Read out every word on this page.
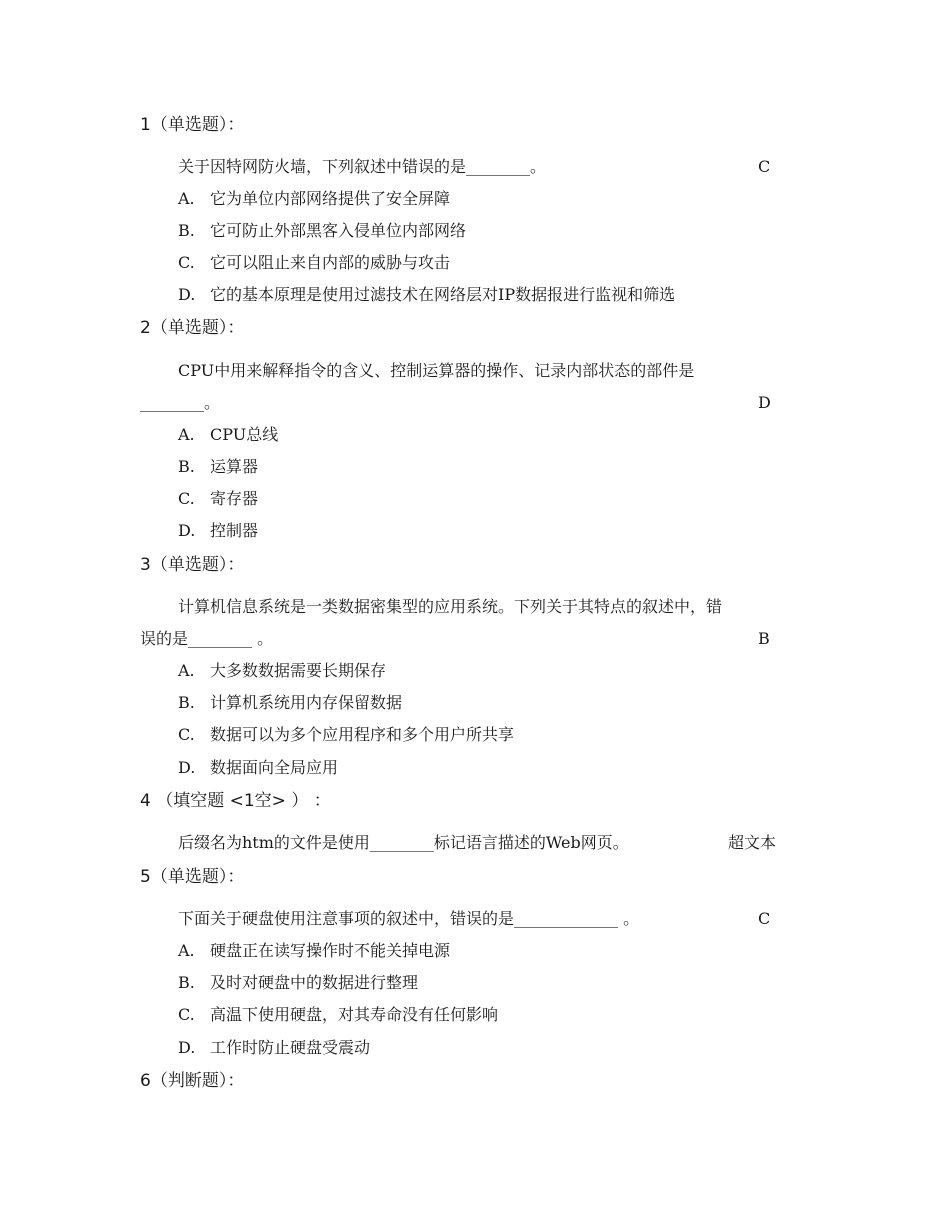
1（单选题）：
关于因特网防火墙，下列叙述中错误的是________。	C
A. 它为单位内部网络提供了安全屏障
B. 它可防止外部黑客入侵单位内部网络
C. 它可以阻止来自内部的威胁与攻击
D. 它的基本原理是使用过滤技术在网络层对IP数据报进行监视和筛选
2（单选题）：
CPU中用来解释指令的含义、控制运算器的操作、记录内部状态的部件是
________。	D
A. CPU总线
B. 运算器
C. 寄存器
D. 控制器
3（单选题）：
计算机信息系统是一类数据密集型的应用系统。下列关于其特点的叙述中，错
误的是________ 。	B
A. 大多数数据需要长期保存
B. 计算机系统用内存保留数据
C. 数据可以为多个应用程序和多个用户所共享
D. 数据面向全局应用
4 （填空题 <1空> ） ：
后缀名为htm的文件是使用________标记语言描述的Web网页。	超文本
5（单选题）：
下面关于硬盘使用注意事项的叙述中，错误的是_____________ 。	C
A. 硬盘正在读写操作时不能关掉电源
B. 及时对硬盘中的数据进行整理
C. 高温下使用硬盘，对其寿命没有任何影响
D. 工作时防止硬盘受震动
6（判断题）：
